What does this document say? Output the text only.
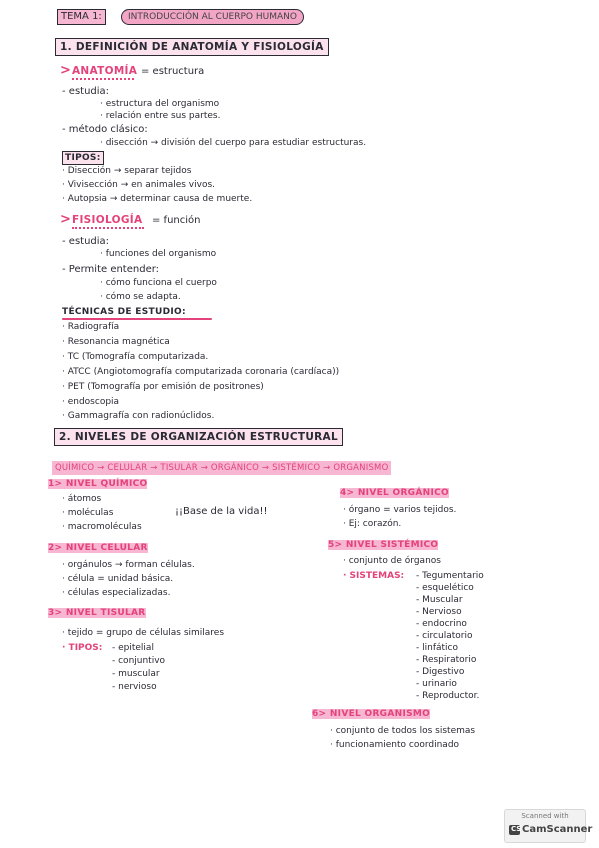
TEMA 1:	INTRODUCCIÓN AL CUERPO HUMANO
1. DEFINICIÓN DE ANATOMÍA Y FISIOLOGÍA
> ANATOMÍA = estructura
- estudia:
· estructura del organismo
· relación entre sus partes.
- método clásico:
· disección → división del cuerpo para estudiar estructuras.
TIPOS:
· Disección → separar tejidos
· Vivisección → en animales vivos.
· Autopsia → determinar causa de muerte.
> FISIOLOGÍA = función
- estudia:
· funciones del organismo
- Permite entender:
· cómo funciona el cuerpo
· cómo se adapta.
TÉCNICAS DE ESTUDIO:
· Radiografía
· Resonancia magnética
· TC (Tomografía computarizada.
· ATCC (Angiotomografía computarizada coronaria (cardíaca))
· PET (Tomografía por emisión de positrones)
· endoscopia
· Gammagrafía con radionúclidos.
2. NIVELES DE ORGANIZACIÓN ESTRUCTURAL
QUÍMICO → CELULAR → TISULAR → ORGÁNICO → SISTÉMICO → ORGANISMO
1> NIVEL QUÍMICO
· átomos
· moléculas
· macromoléculas
¡¡Base de la vida!!
2> NIVEL CELULAR
· orgánulos → forman células.
· célula = unidad básica.
· células especializadas.
3> NIVEL TISULAR
· tejido = grupo de células similares
· TIPOS: - epitelial
- conjuntivo
- muscular
- nervioso
4> NIVEL ORGÁNICO
· órgano = varios tejidos.
· Ej: corazón.
5> NIVEL SISTÉMICO
· conjunto de órganos
· SISTEMAS: - Tegumentario
- esquelético
- Muscular
- Nervioso
- endocrino
- circulatorio
- linfático
- Respiratorio
- Digestivo
- urinario
- Reproductor.
6> NIVEL ORGANISMO
· conjunto de todos los sistemas
· funcionamiento coordinado
Scanned with
CS CamScanner
